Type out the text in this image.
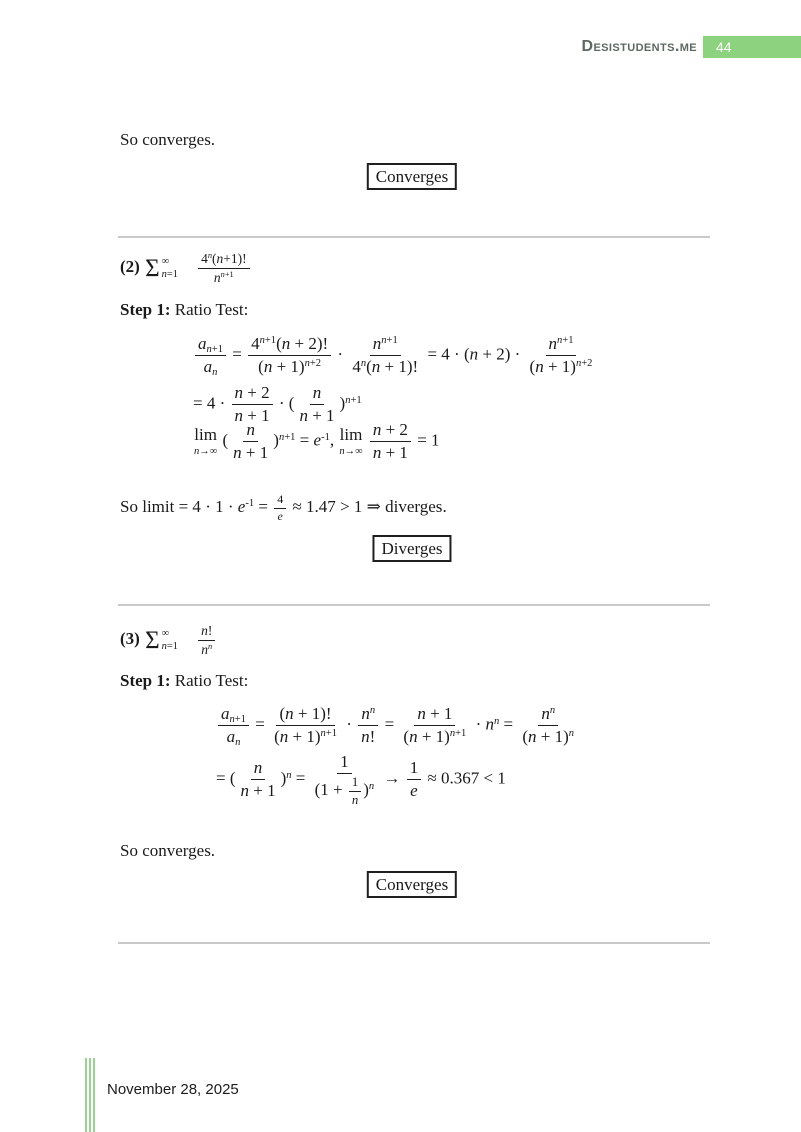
Desistudents.me	44
So converges.
Converges
(2) Σ ∞
$n=1 \frac{4^n(n+1)!}{n^{n+1}}$
Step 1: Ratio Test:
$\frac{an+1}{an} = \frac{4^{n+1}(n + 2)!}{(n + 1)^{n+2}} \cdot \frac{n^{n+1}}{4^n(n + 1)!} = 4 \cdot (n + 2) \cdot \frac{n^{n+1}}{(n + 1)^{n+2}}$
= $4 \cdot \frac{n + 2}{n + 1}$ · ( $\frac{n}{n + 1} )^{n+1}$
lim
n→∞
( $\frac{n}{n + 1} )^{n+1} = e^{-1}$, lim
n→∞
$\frac{n + 2}{n + 1} = 1$
So limit = $4 \cdot 1 \cdot e^{-1} = \frac{4}{e} \approx 1.47 > 1$ ⇒ diverges.
Diverges
(3) Σ ∞
$n=1 \frac{n!}{n^n}$
Step 1: Ratio Test:
$\frac{an+1}{an} = \frac{(n + 1)!}{(n + 1)^{n+1}} \cdot \frac{n^n}{n!} = \frac{n + 1}{(n + 1)^{n+1}} \cdot n^n = \frac{n^n}{(n + 1)^n}$
= ( $\frac{n}{n + 1} )^n = \frac{1}{(1 + \frac{1}{n} )^n} \to \frac{1}{e} \approx 0.367 < 1$
So converges.
Converges
November 28, 2025
